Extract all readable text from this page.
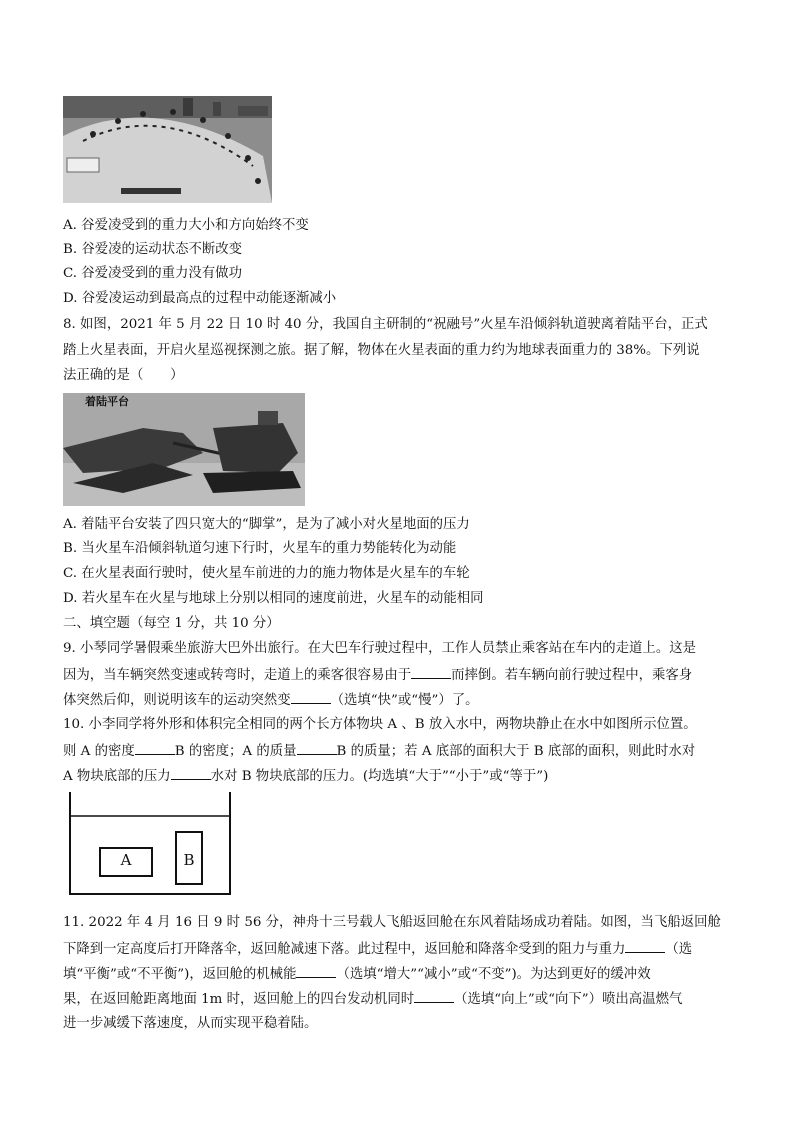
A. 谷爱凌受到的重力大小和方向始终不变
B. 谷爱凌的运动状态不断改变
C. 谷爱凌受到的重力没有做功
D. 谷爱凌运动到最高点的过程中动能逐渐减小
8. 如图，2021 年 5 月 22 日 10 时 40 分，我国自主研制的“祝融号”火星车沿倾斜轨道驶离着陆平台，正式
踏上火星表面，开启火星巡视探测之旅。据了解，物体在火星表面的重力约为地球表面重力的 38%。下列说
法正确的是（　　）
着陆平台
A. 着陆平台安装了四只宽大的“脚掌”，是为了减小对火星地面的压力
B. 当火星车沿倾斜轨道匀速下行时，火星车的重力势能转化为动能
C. 在火星表面行驶时，使火星车前进的力的施力物体是火星车的车轮
D. 若火星车在火星与地球上分别以相同的速度前进，火星车的动能相同
二、填空题（每空 1 分，共 10 分）
9. 小琴同学暑假乘坐旅游大巴外出旅行。在大巴车行驶过程中，工作人员禁止乘客站在车内的走道上。这是
因为，当车辆突然变速或转弯时，走道上的乘客很容易由于	而摔倒。若车辆向前行驶过程中，乘客身
体突然后仰，则说明该车的运动突然变	（选填“快”或“慢”）了。
10. 小李同学将外形和体积完全相同的两个长方体物块 A 、B 放入水中，两物块静止在水中如图所示位置。
则 A 的密度	B 的密度；A 的质量	B 的质量；若 A 底部的面积大于 B 底部的面积，则此时水对
A 物块底部的压力	水对 B 物块底部的压力。(均选填“大于”“小于”或“等于”)
A	B
11. 2022 年 4 月 16 日 9 时 56 分，神舟十三号载人飞船返回舱在东风着陆场成功着陆。如图，当飞船返回舱
下降到一定高度后打开降落伞，返回舱减速下落。此过程中，返回舱和降落伞受到的阻力与重力	（选
填“平衡”或“不平衡”)，返回舱的机械能	（选填“增大”“减小”或“不变”)。为达到更好的缓冲效
果，在返回舱距离地面 1m 时，返回舱上的四台发动机同时	（选填“向上”或“向下”）喷出高温燃气
进一步减缓下落速度，从而实现平稳着陆。
